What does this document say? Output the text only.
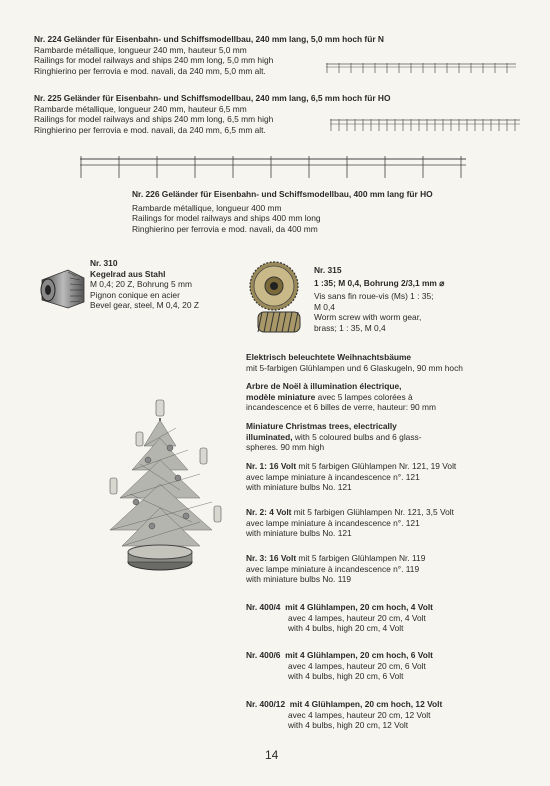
Nr. 224 Geländer für Eisenbahn- und Schiffsmodellbau, 240 mm lang, 5,0 mm hoch für N
Rambarde métallique, longueur 240 mm, hauteur 5,0 mm
Railings for model railways and ships 240 mm long, 5,0 mm high
Ringhierino per ferrovia e mod. navali, da 240 mm, 5,0 mm alt.
Nr. 225 Geländer für Eisenbahn- und Schiffsmodellbau, 240 mm lang, 6,5 mm hoch für HO
Rambarde métallique, longueur 240 mm, hauteur 6,5 mm
Railings for model railways and ships 240 mm long, 6,5 mm high
Ringhierino per ferrovia e mod. navali, da 240 mm, 6,5 mm alt.
Nr. 226 Geländer für Eisenbahn- und Schiffsmodellbau, 400 mm lang für HO
Rambarde métallique, longueur 400 mm
Railings for model railways and ships 400 mm long
Ringhierino per ferrovia e mod. navali, da 400 mm
Nr. 310
Kegelrad aus Stahl
M 0,4; 20 Z, Bohrung 5 mm
Pignon conique en acier
Bevel gear, steel, M 0,4, 20 Z
Nr. 315
1 :35; M 0,4, Bohrung 2/3,1 mm ⌀
Vis sans fin roue-vis (Ms) 1 : 35;
M 0,4
Worm screw with worm gear,
brass; 1 : 35, M 0,4
Elektrisch beleuchtete Weihnachtsbäume
mit 5-farbigen Glühlampen und 6 Glaskugeln, 90 mm hoch
Arbre de Noël à illumination électrique,
modèle miniature avec 5 lampes colorées à
incandescence et 6 billes de verre, hauteur: 90 mm
Miniature Christmas trees, electrically
illuminated, with 5 coloured bulbs and 6 glass-
spheres. 90 mm high
Nr. 1: 16 Volt mit 5 farbigen Glühlampen Nr. 121, 19 Volt
avec lampe miniature à incandescence n°. 121
with miniature bulbs No. 121
Nr. 2: 4 Volt mit 5 farbigen Glühlampen Nr. 121, 3,5 Volt
avec lampe miniature à incandescence n°. 121
with miniature bulbs No. 121
Nr. 3: 16 Volt mit 5 farbigen Glühlampen Nr. 119
avec lampe miniature à incandescence n°. 119
with miniature bulbs No. 119
Nr. 400/4 mit 4 Glühlampen, 20 cm hoch, 4 Volt
avec 4 lampes, hauteur 20 cm, 4 Volt
with 4 bulbs, high 20 cm, 4 Volt
Nr. 400/6 mit 4 Glühlampen, 20 cm hoch, 6 Volt
avec 4 lampes, hauteur 20 cm, 6 Volt
with 4 bulbs, high 20 cm, 6 Volt
Nr. 400/12 mit 4 Glühlampen, 20 cm hoch, 12 Volt
avec 4 lampes, hauteur 20 cm, 12 Volt
with 4 bulbs, high 20 cm, 12 Volt
14
